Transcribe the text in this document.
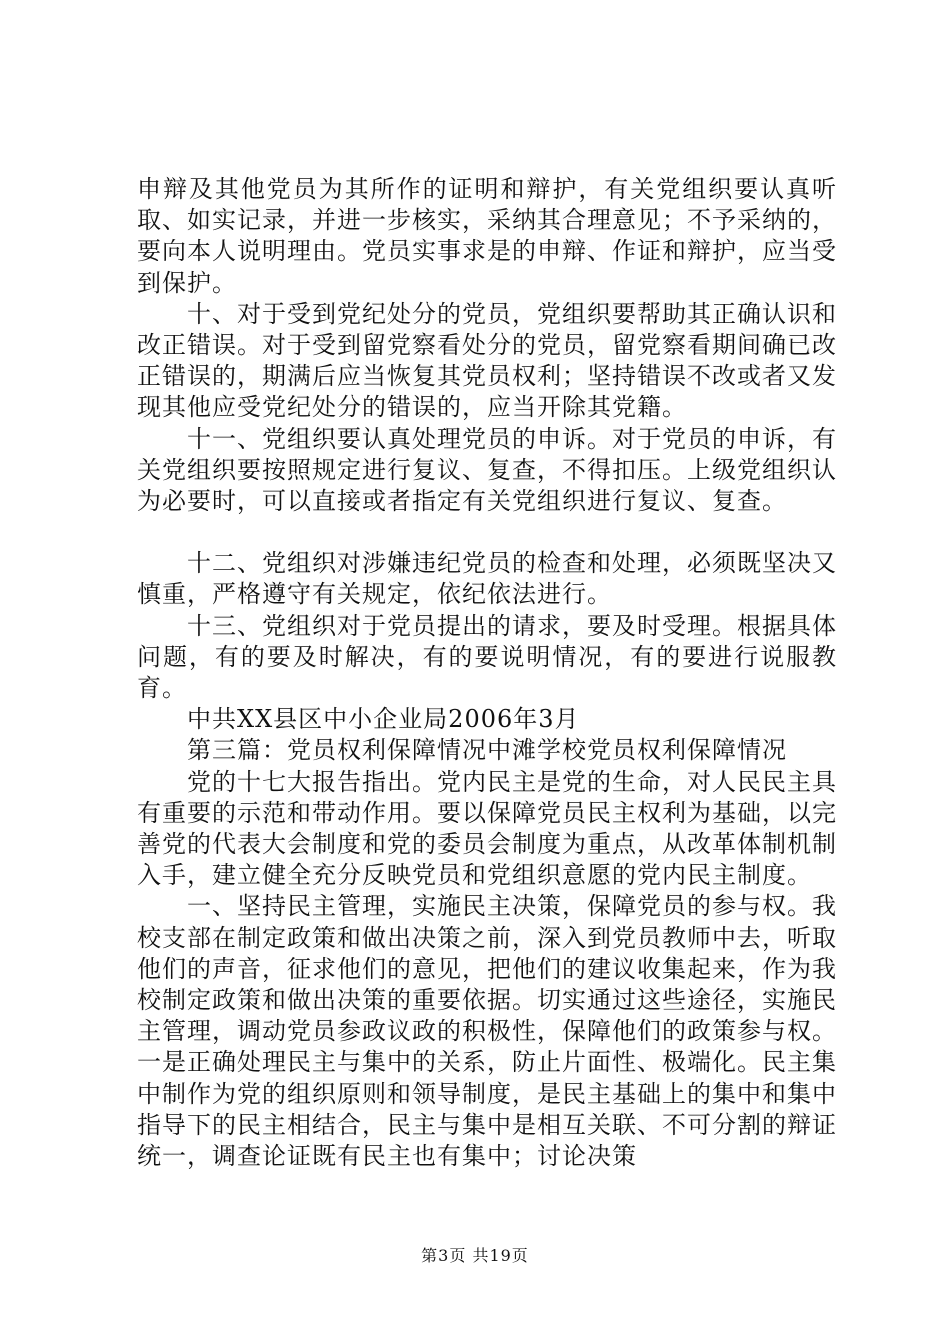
申辩及其他党员为其所作的证明和辩护，有关党组织要认真听取、如实记录，并进一步核实，采纳其合理意见；不予采纳的，要向本人说明理由。党员实事求是的申辩、作证和辩护，应当受到保护。

十、对于受到党纪处分的党员，党组织要帮助其正确认识和改正错误。对于受到留党察看处分的党员，留党察看期间确已改正错误的，期满后应当恢复其党员权利；坚持错误不改或者又发现其他应受党纪处分的错误的，应当开除其党籍。

十一、党组织要认真处理党员的申诉。对于党员的申诉，有关党组织要按照规定进行复议、复查，不得扣压。上级党组织认为必要时，可以直接或者指定有关党组织进行复议、复查。

十二、党组织对涉嫌违纪党员的检查和处理，必须既坚决又慎重，严格遵守有关规定，依纪依法进行。

十三、党组织对于党员提出的请求，要及时受理。根据具体问题，有的要及时解决，有的要说明情况，有的要进行说服教育。

中共XX县区中小企业局2006年3月

第三篇：党员权利保障情况中滩学校党员权利保障情况

党的十七大报告指出。党内民主是党的生命，对人民民主具有重要的示范和带动作用。要以保障党员民主权利为基础，以完善党的代表大会制度和党的委员会制度为重点，从改革体制机制入手，建立健全充分反映党员和党组织意愿的党内民主制度。

一、坚持民主管理，实施民主决策，保障党员的参与权。我校支部在制定政策和做出决策之前，深入到党员教师中去，听取他们的声音，征求他们的意见，把他们的建议收集起来，作为我校制定政策和做出决策的重要依据。切实通过这些途径，实施民主管理，调动党员参政议政的积极性，保障他们的政策参与权。一是正确处理民主与集中的关系，防止片面性、极端化。民主集中制作为党的组织原则和领导制度，是民主基础上的集中和集中指导下的民主相结合，民主与集中是相互关联、不可分割的辩证统一，调查论证既有民主也有集中；讨论决策

第3页 共19页
